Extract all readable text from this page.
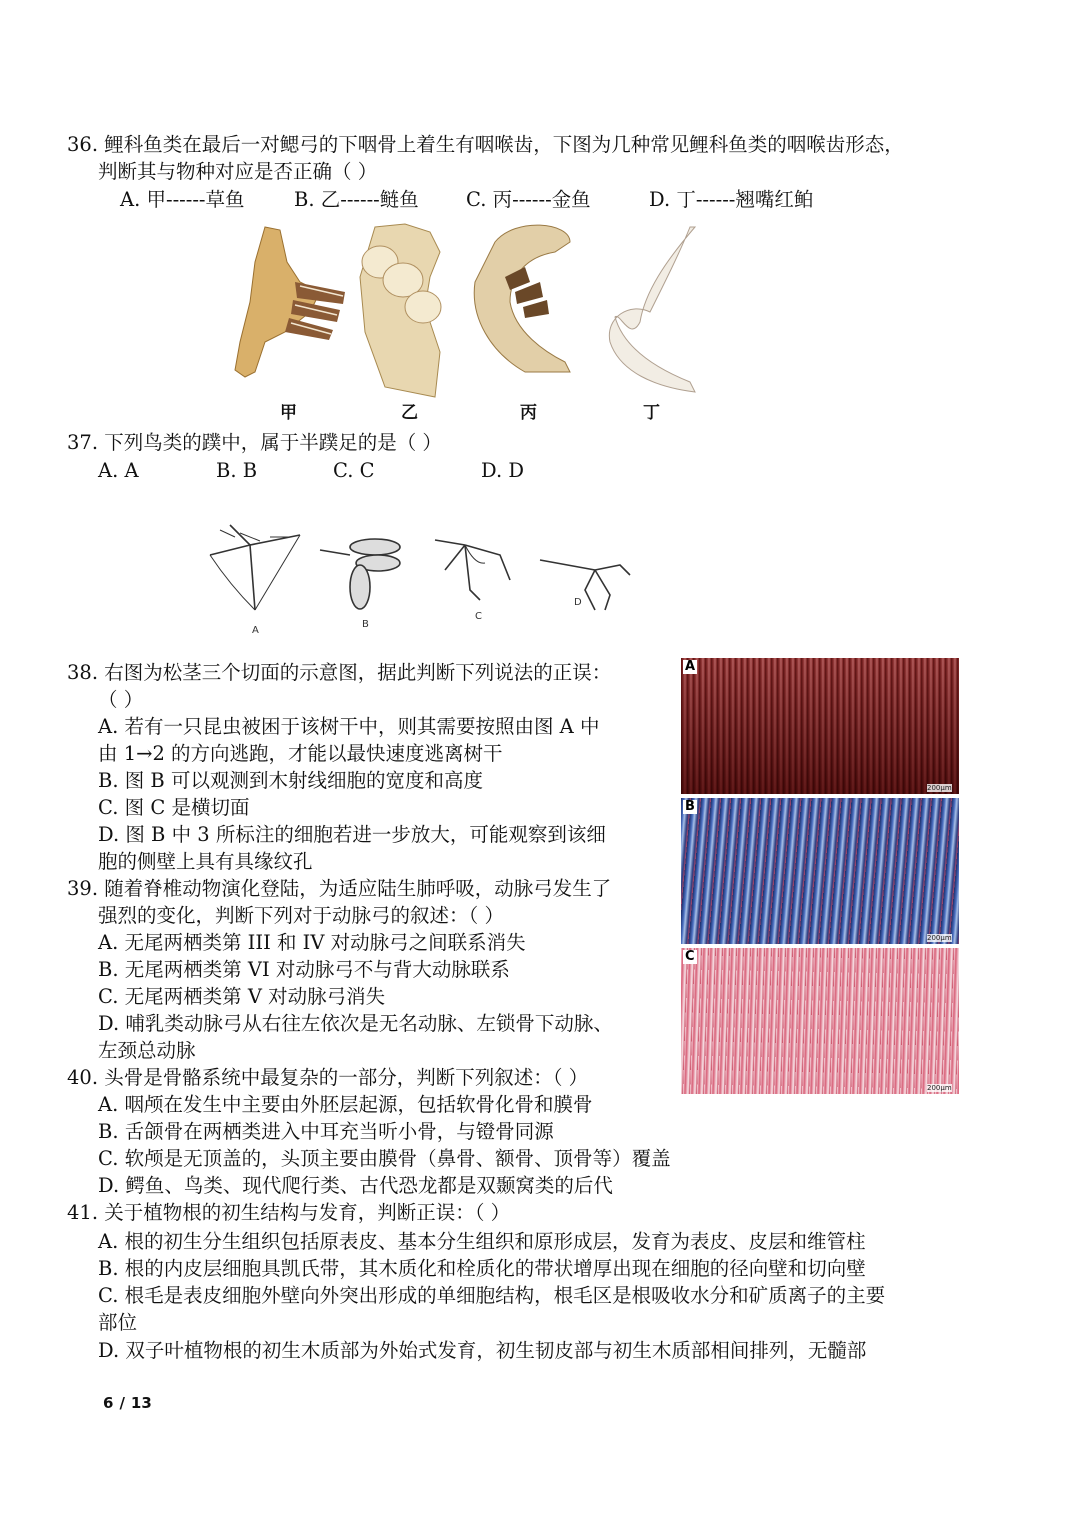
36. 鲤科鱼类在最后一对鳃弓的下咽骨上着生有咽喉齿，下图为几种常见鲤科鱼类的咽喉齿形态，
判断其与物种对应是否正确（ ）
A. 甲------草鱼	B. 乙------鲢鱼 C. 丙------金鱼	D. 丁------翘嘴红鲌
甲	乙	丙	丁
37. 下列鸟类的蹼中，属于半蹼足的是（ ）
A. A	B. B	C. C	D. D
A
B
C
D
38. 右图为松茎三个切面的示意图，据此判断下列说法的正误：
（ ）
A. 若有一只昆虫被困于该树干中，则其需要按照由图 A 中
由 1→2 的方向逃跑，才能以最快速度逃离树干
B. 图 B 可以观测到木射线细胞的宽度和高度
C. 图 C 是横切面
D. 图 B 中 3 所标注的细胞若进一步放大，可能观察到该细
胞的侧壁上具有具缘纹孔
A
B
C
200μm
200μm
200μm
39. 随着脊椎动物演化登陆，为适应陆生肺呼吸，动脉弓发生了
强烈的变化，判断下列对于动脉弓的叙述：（ ）
A. 无尾两栖类第 III 和 IV 对动脉弓之间联系消失
B. 无尾两栖类第 VI 对动脉弓不与背大动脉联系
C. 无尾两栖类第 V 对动脉弓消失
D. 哺乳类动脉弓从右往左依次是无名动脉、左锁骨下动脉、
左颈总动脉
40. 头骨是骨骼系统中最复杂的一部分，判断下列叙述：（ ）
A. 咽颅在发生中主要由外胚层起源，包括软骨化骨和膜骨
B. 舌颌骨在两栖类进入中耳充当听小骨，与镫骨同源
C. 软颅是无顶盖的，头顶主要由膜骨（鼻骨、额骨、顶骨等）覆盖
D. 鳄鱼、鸟类、现代爬行类、古代恐龙都是双颞窝类的后代
41. 关于植物根的初生结构与发育，判断正误：（ ）
A. 根的初生分生组织包括原表皮、基本分生组织和原形成层，发育为表皮、皮层和维管柱
B. 根的内皮层细胞具凯氏带，其木质化和栓质化的带状增厚出现在细胞的径向壁和切向壁
C. 根毛是表皮细胞外壁向外突出形成的单细胞结构，根毛区是根吸收水分和矿质离子的主要
部位
D. 双子叶植物根的初生木质部为外始式发育，初生韧皮部与初生木质部相间排列，无髓部
6 / 13
